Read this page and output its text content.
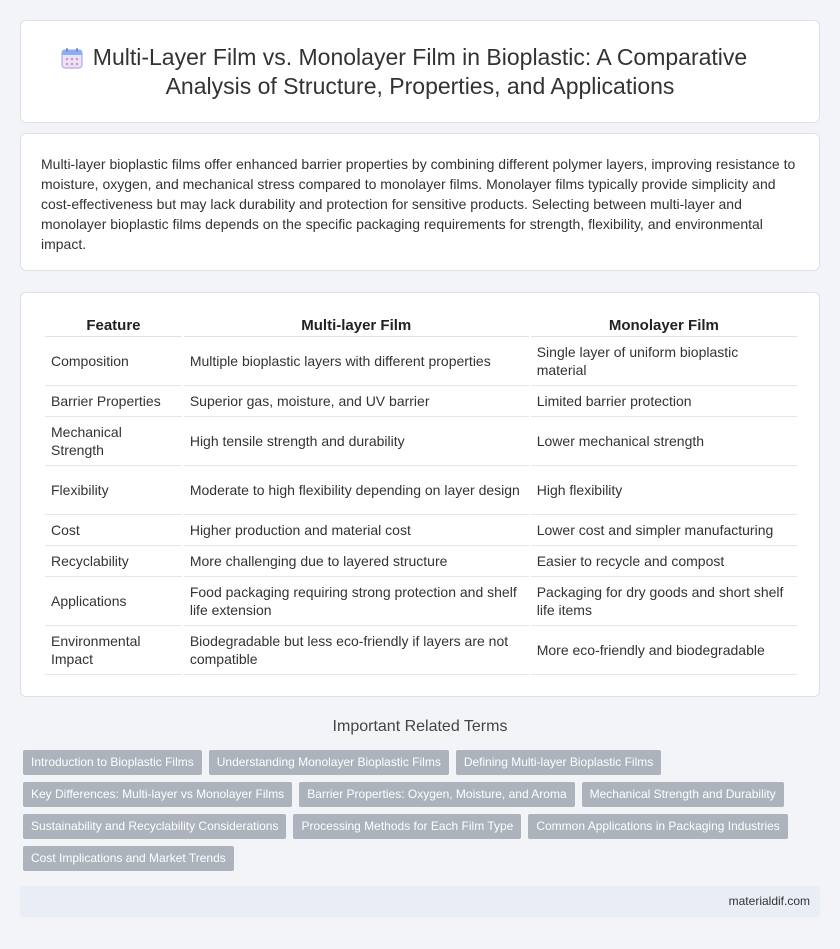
Multi-Layer Film vs. Monolayer Film in Bioplastic: A Comparative Analysis of Structure, Properties, and Applications

Multi-layer bioplastic films offer enhanced barrier properties by combining different polymer layers, improving resistance to moisture, oxygen, and mechanical stress compared to monolayer films. Monolayer films typically provide simplicity and cost-effectiveness but may lack durability and protection for sensitive products. Selecting between multi-layer and monolayer bioplastic films depends on the specific packaging requirements for strength, flexibility, and environmental impact.

Feature	Multi-layer Film	Monolayer Film
Composition	Multiple bioplastic layers with different properties	Single layer of uniform bioplastic material
Barrier Properties	Superior gas, moisture, and UV barrier	Limited barrier protection
Mechanical Strength	High tensile strength and durability	Lower mechanical strength
Flexibility	Moderate to high flexibility depending on layer design	High flexibility
Cost	Higher production and material cost	Lower cost and simpler manufacturing
Recyclability	More challenging due to layered structure	Easier to recycle and compost
Applications	Food packaging requiring strong protection and shelf life extension	Packaging for dry goods and short shelf life items
Environmental Impact	Biodegradable but less eco-friendly if layers are not compatible	More eco-friendly and biodegradable
Important Related Terms
Introduction to Bioplastic Films	Understanding Monolayer Bioplastic Films	Defining Multi-layer Bioplastic Films
Key Differences: Multi-layer vs Monolayer Films	Barrier Properties: Oxygen, Moisture, and Aroma	Mechanical Strength and Durability
Sustainability and Recyclability Considerations	Processing Methods for Each Film Type	Common Applications in Packaging Industries
Cost Implications and Market Trends
materialdif.com
